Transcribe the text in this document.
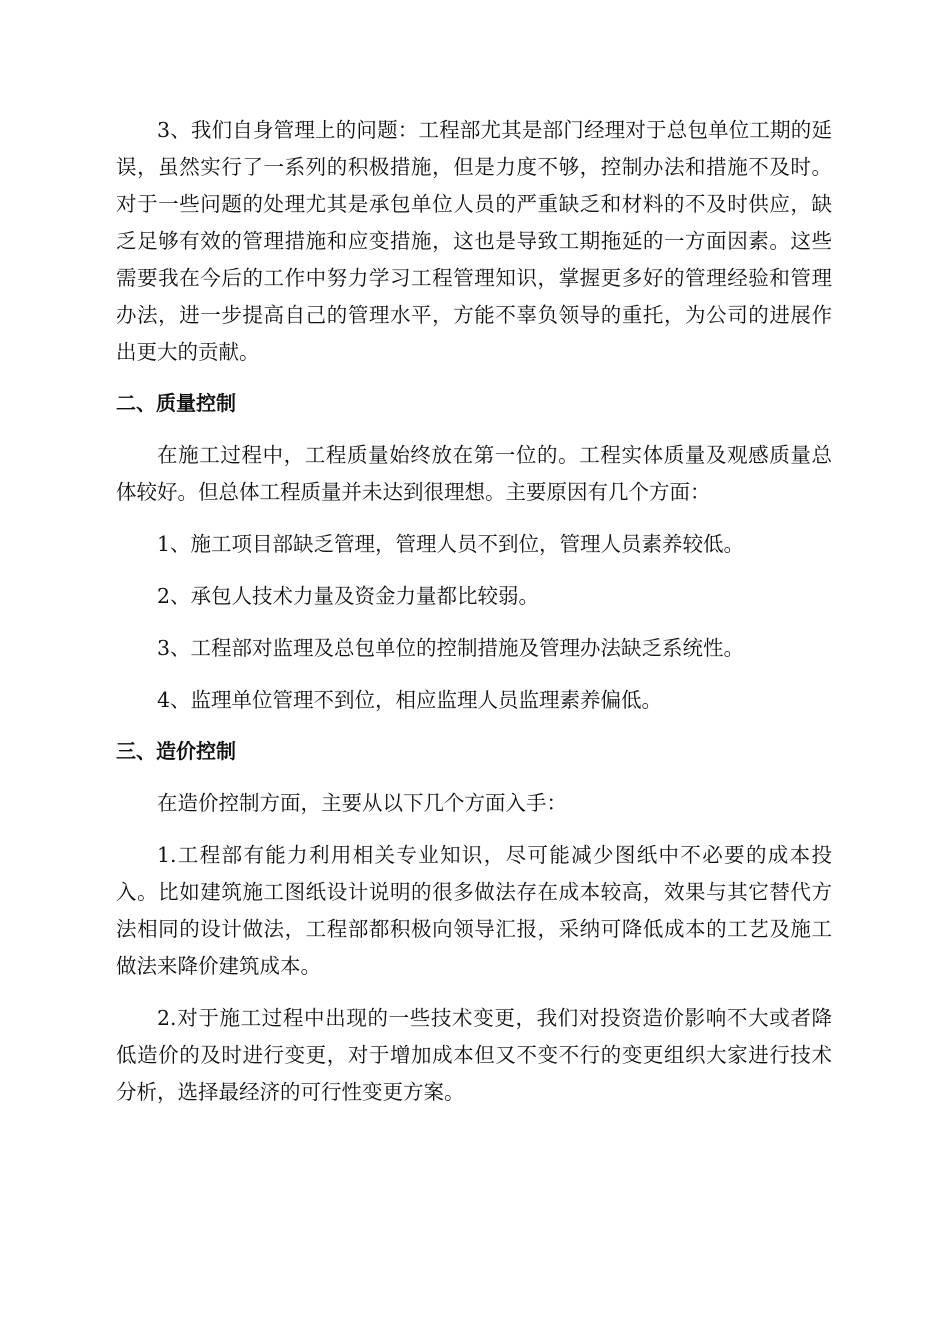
3、我们自身管理上的问题：工程部尤其是部门经理对于总包单位工期的延误，虽然实行了一系列的积极措施，但是力度不够，控制办法和措施不及时。对于一些问题的处理尤其是承包单位人员的严重缺乏和材料的不及时供应，缺乏足够有效的管理措施和应变措施，这也是导致工期拖延的一方面因素。这些需要我在今后的工作中努力学习工程管理知识，掌握更多好的管理经验和管理办法，进一步提高自己的管理水平，方能不辜负领导的重托，为公司的进展作出更大的贡献。

二、质量控制

在施工过程中，工程质量始终放在第一位的。工程实体质量及观感质量总体较好。但总体工程质量并未达到很理想。主要原因有几个方面：

1、施工项目部缺乏管理，管理人员不到位，管理人员素养较低。

2、承包人技术力量及资金力量都比较弱。

3、工程部对监理及总包单位的控制措施及管理办法缺乏系统性。

4、监理单位管理不到位，相应监理人员监理素养偏低。

三、造价控制

在造价控制方面，主要从以下几个方面入手：

1.工程部有能力利用相关专业知识，尽可能减少图纸中不必要的成本投入。比如建筑施工图纸设计说明的很多做法存在成本较高，效果与其它替代方法相同的设计做法，工程部都积极向领导汇报，采纳可降低成本的工艺及施工做法来降价建筑成本。

2.对于施工过程中出现的一些技术变更，我们对投资造价影响不大或者降低造价的及时进行变更，对于增加成本但又不变不行的变更组织大家进行技术分析，选择最经济的可行性变更方案。
